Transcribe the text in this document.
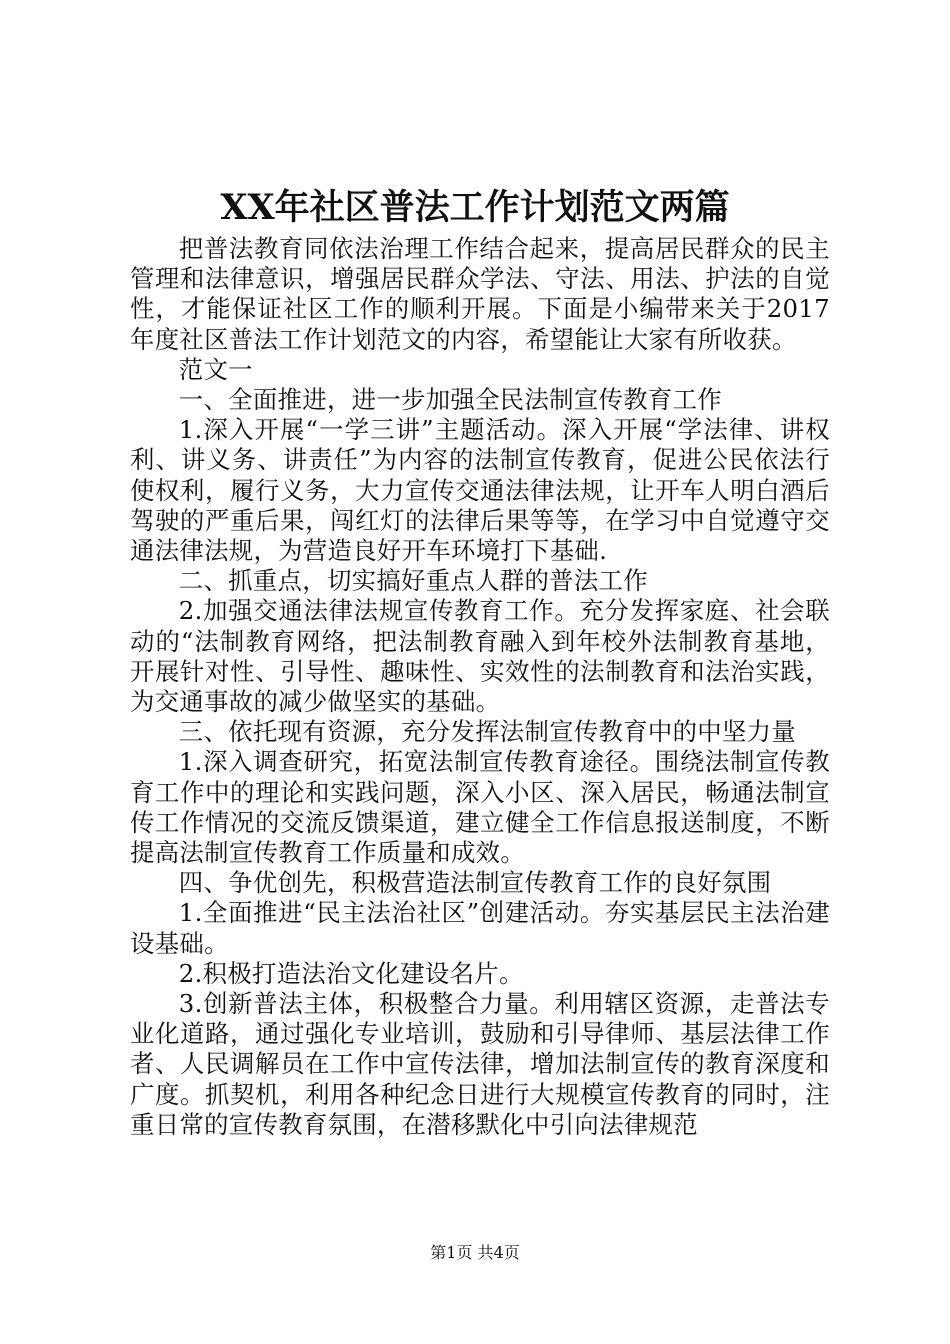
XX年社区普法工作计划范文两篇

把普法教育同依法治理工作结合起来，提高居民群众的民主管理和法律意识，增强居民群众学法、守法、用法、护法的自觉性，才能保证社区工作的顺利开展。下面是小编带来关于2017年度社区普法工作计划范文的内容，希望能让大家有所收获。

范文一

一、全面推进，进一步加强全民法制宣传教育工作

1.深入开展“一学三讲”主题活动。深入开展“学法律、讲权利、讲义务、讲责任”为内容的法制宣传教育，促进公民依法行使权利，履行义务，大力宣传交通法律法规，让开车人明白酒后驾驶的严重后果，闯红灯的法律后果等等，在学习中自觉遵守交通法律法规，为营造良好开车环境打下基础.

二、抓重点，切实搞好重点人群的普法工作

2.加强交通法律法规宣传教育工作。充分发挥家庭、社会联动的“法制教育网络，把法制教育融入到年校外法制教育基地，开展针对性、引导性、趣味性、实效性的法制教育和法治实践，为交通事故的减少做坚实的基础。

三、依托现有资源，充分发挥法制宣传教育中的中坚力量

1.深入调查研究，拓宽法制宣传教育途径。围绕法制宣传教育工作中的理论和实践问题，深入小区、深入居民，畅通法制宣传工作情况的交流反馈渠道，建立健全工作信息报送制度，不断提高法制宣传教育工作质量和成效。

四、争优创先，积极营造法制宣传教育工作的良好氛围

1.全面推进“民主法治社区”创建活动。夯实基层民主法治建设基础。

2.积极打造法治文化建设名片。

3.创新普法主体，积极整合力量。利用辖区资源，走普法专业化道路，通过强化专业培训，鼓励和引导律师、基层法律工作者、人民调解员在工作中宣传法律，增加法制宣传的教育深度和广度。抓契机，利用各种纪念日进行大规模宣传教育的同时，注重日常的宣传教育氛围，在潜移默化中引向法律规范

第1页 共4页
